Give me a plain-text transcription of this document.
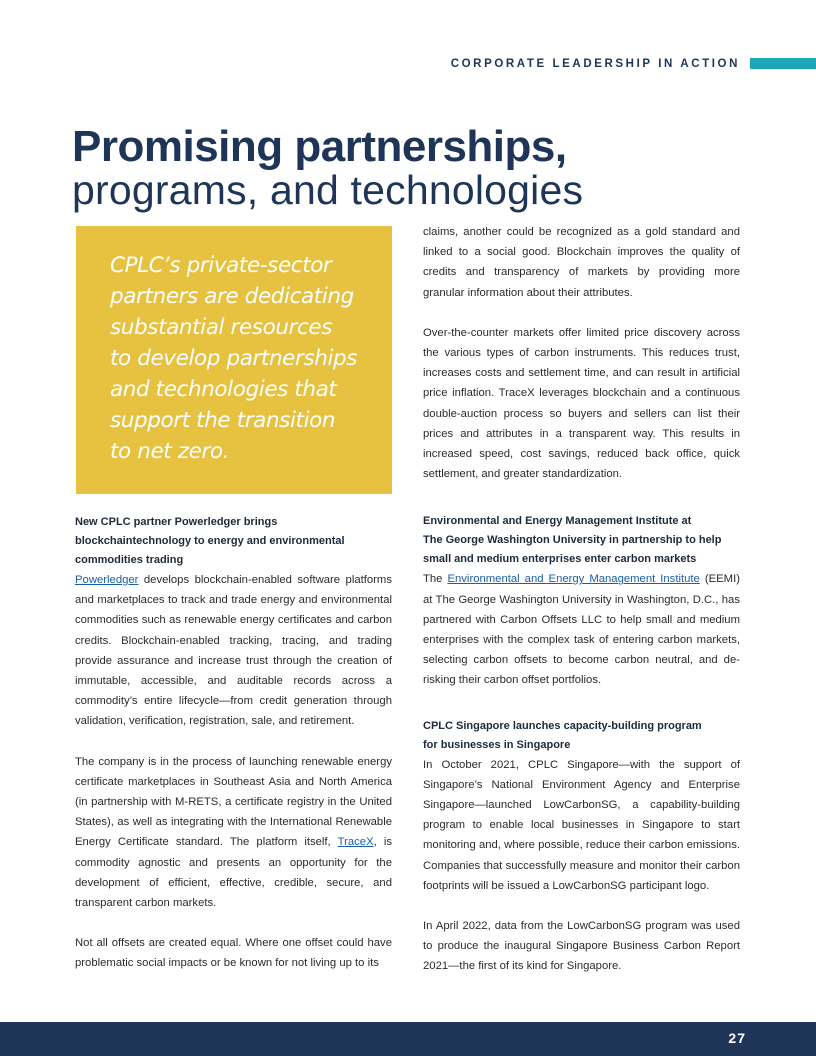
CORPORATE LEADERSHIP IN ACTION
Promising partnerships,
programs, and technologies
CPLC’s private-sector
partners are dedicating
substantial resources
to develop partnerships
and technologies that
support the transition
to net zero.
New CPLC partner Powerledger brings
blockchaintechnology to energy and environmental
commodities trading

Powerledger develops blockchain-enabled software platforms and marketplaces to track and trade energy and environmental commodities such as renewable energy certificates and carbon credits. Blockchain-enabled tracking, tracing, and trading provide assurance and increase trust through the creation of immutable, accessible, and auditable records across a commodity’s entire lifecycle—from credit generation through validation, verification, registration, sale, and retirement.

The company is in the process of launching renewable energy certificate marketplaces in Southeast Asia and North America (in partnership with M-RETS, a certificate registry in the United States), as well as integrating with the International Renewable Energy Certificate standard. The platform itself, TraceX, is commodity agnostic and presents an opportunity for the development of efficient, effective, credible, secure, and transparent carbon markets.

Not all offsets are created equal. Where one offset could have problematic social impacts or be known for not living up to its

claims, another could be recognized as a gold standard and linked to a social good. Blockchain improves the quality of credits and transparency of markets by providing more granular information about their attributes.

Over-the-counter markets offer limited price discovery across the various types of carbon instruments. This reduces trust, increases costs and settlement time, and can result in artificial price inflation. TraceX leverages blockchain and a continuous double-auction process so buyers and sellers can list their prices and attributes in a transparent way. This results in increased speed, cost savings, reduced back office, quick settlement, and greater standardization.

Environmental and Energy Management Institute at
The George Washington University in partnership to help
small and medium enterprises enter carbon markets

The Environmental and Energy Management Institute (EEMI) at The George Washington University in Washington, D.C., has partnered with Carbon Offsets LLC to help small and medium enterprises with the complex task of entering carbon markets, selecting carbon offsets to become carbon neutral, and de-risking their carbon offset portfolios.

CPLC Singapore launches capacity-building program
for businesses in Singapore

In October 2021, CPLC Singapore—with the support of Singapore’s National Environment Agency and Enterprise Singapore—launched LowCarbonSG, a capability-building program to enable local businesses in Singapore to start monitoring and, where possible, reduce their carbon emissions. Companies that successfully measure and monitor their carbon footprints will be issued a LowCarbonSG participant logo.

In April 2022, data from the LowCarbonSG program was used to produce the inaugural Singapore Business Carbon Report 2021—the first of its kind for Singapore.

27
